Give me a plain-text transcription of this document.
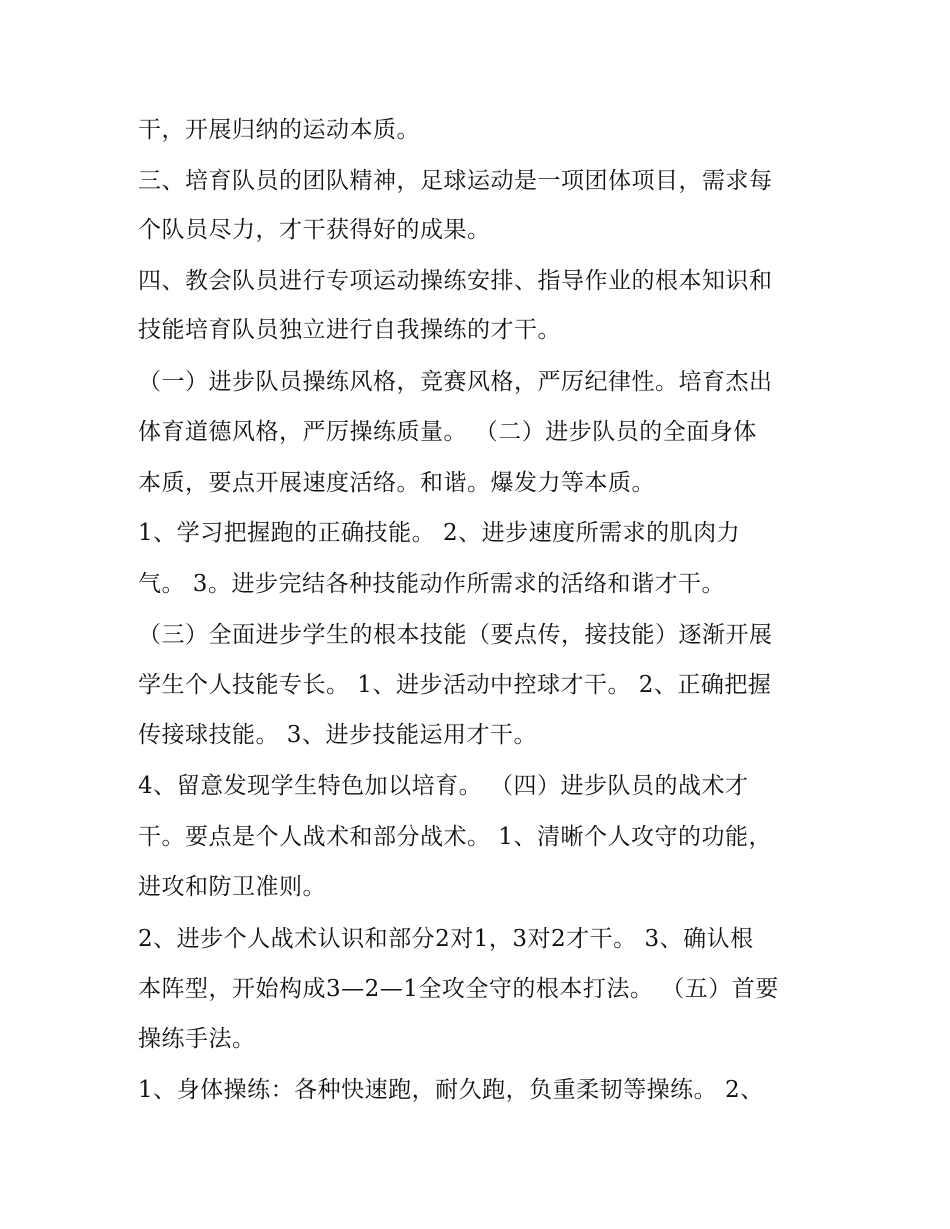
干，开展归纳的运动本质。

三、培育队员的团队精神，足球运动是一项团体项目，需求每

个队员尽力，才干获得好的成果。

四、教会队员进行专项运动操练安排、指导作业的根本知识和

技能培育队员独立进行自我操练的才干。

（一）进步队员操练风格，竞赛风格，严厉纪律性。培育杰出

体育道德风格，严厉操练质量。 （二）进步队员的全面身体

本质，要点开展速度活络。和谐。爆发力等本质。

1、学习把握跑的正确技能。 2、进步速度所需求的肌肉力

气。 3。进步完结各种技能动作所需求的活络和谐才干。

（三）全面进步学生的根本技能（要点传，接技能）逐渐开展

学生个人技能专长。 1、进步活动中控球才干。 2、正确把握

传接球技能。 3、进步技能运用才干。

4、留意发现学生特色加以培育。 （四）进步队员的战术才

干。要点是个人战术和部分战术。 1、清晰个人攻守的功能，

进攻和防卫准则。

2、进步个人战术认识和部分2对1，3对2才干。 3、确认根

本阵型，开始构成3—2—1全攻全守的根本打法。 （五）首要

操练手法。

1、身体操练：各种快速跑，耐久跑，负重柔韧等操练。 2、
